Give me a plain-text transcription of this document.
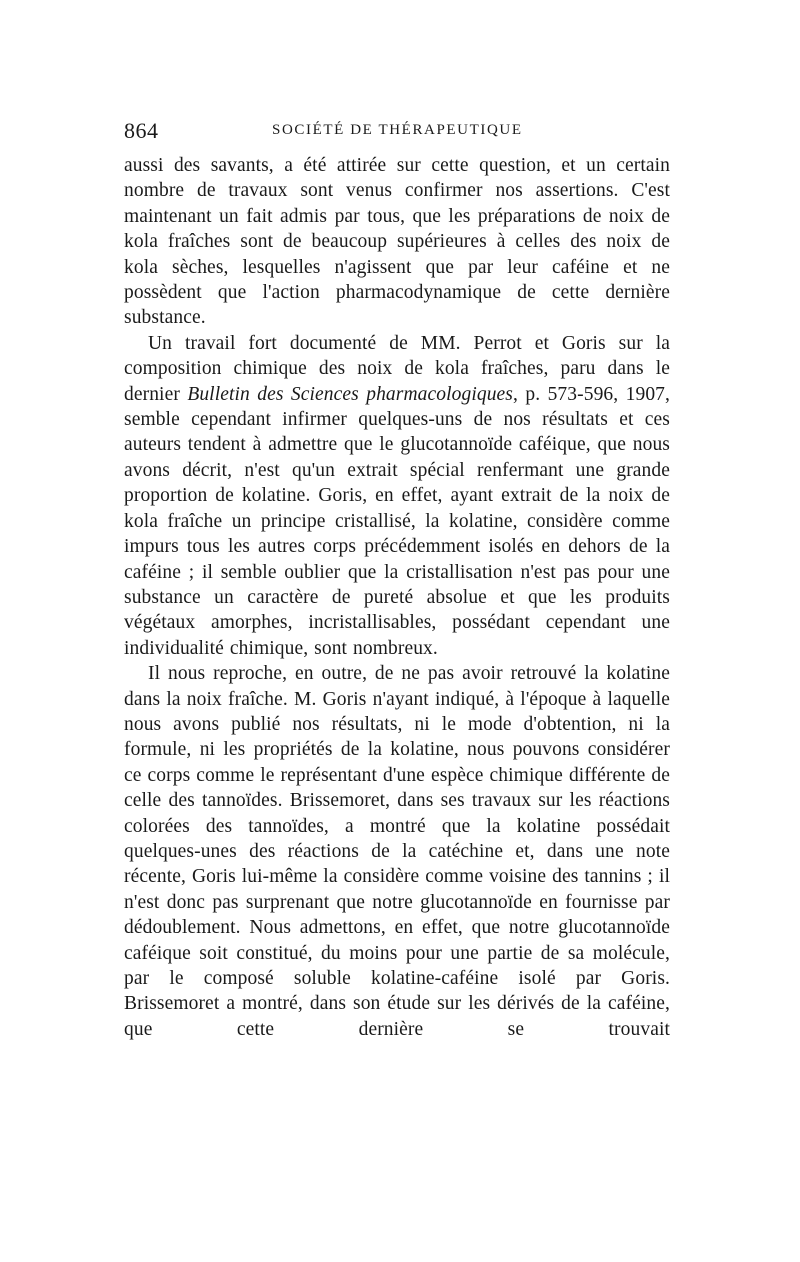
864	SOCIÉTÉ DE THÉRAPEUTIQUE

aussi des savants, a été attirée sur cette question, et un certain nombre de travaux sont venus confirmer nos assertions. C'est maintenant un fait admis par tous, que les préparations de noix de kola fraîches sont de beaucoup supérieures à celles des noix de kola sèches, lesquelles n'agissent que par leur caféine et ne possèdent que l'action pharmacodynamique de cette dernière substance.

Un travail fort documenté de MM. Perrot et Goris sur la composition chimique des noix de kola fraîches, paru dans le dernier Bulletin des Sciences pharmacologiques, p. 573-596, 1907, semble cependant infirmer quelques-uns de nos résultats et ces auteurs tendent à admettre que le glucotannoïde caféique, que nous avons décrit, n'est qu'un extrait spécial renfermant une grande proportion de kolatine. Goris, en effet, ayant extrait de la noix de kola fraîche un principe cristallisé, la kolatine, considère comme impurs tous les autres corps précédemment isolés en dehors de la caféine ; il semble oublier que la cristallisation n'est pas pour une substance un caractère de pureté absolue et que les produits végétaux amorphes, incristallisables, possédant cependant une individualité chimique, sont nombreux.

Il nous reproche, en outre, de ne pas avoir retrouvé la kolatine dans la noix fraîche. M. Goris n'ayant indiqué, à l'époque à laquelle nous avons publié nos résultats, ni le mode d'obtention, ni la formule, ni les propriétés de la kolatine, nous pouvons considérer ce corps comme le représentant d'une espèce chimique différente de celle des tannoïdes. Brissemoret, dans ses travaux sur les réactions colorées des tannoïdes, a montré que la kolatine possédait quelques-unes des réactions de la catéchine et, dans une note récente, Goris lui-même la considère comme voisine des tannins ; il n'est donc pas surprenant que notre glucotannoïde en fournisse par dédoublement. Nous admettons, en effet, que notre glucotannoïde caféique soit constitué, du moins pour une partie de sa molécule, par le composé soluble kolatine-caféine isolé par Goris. Brissemoret a montré, dans son étude sur les dérivés de la caféine, que cette dernière se trouvait
